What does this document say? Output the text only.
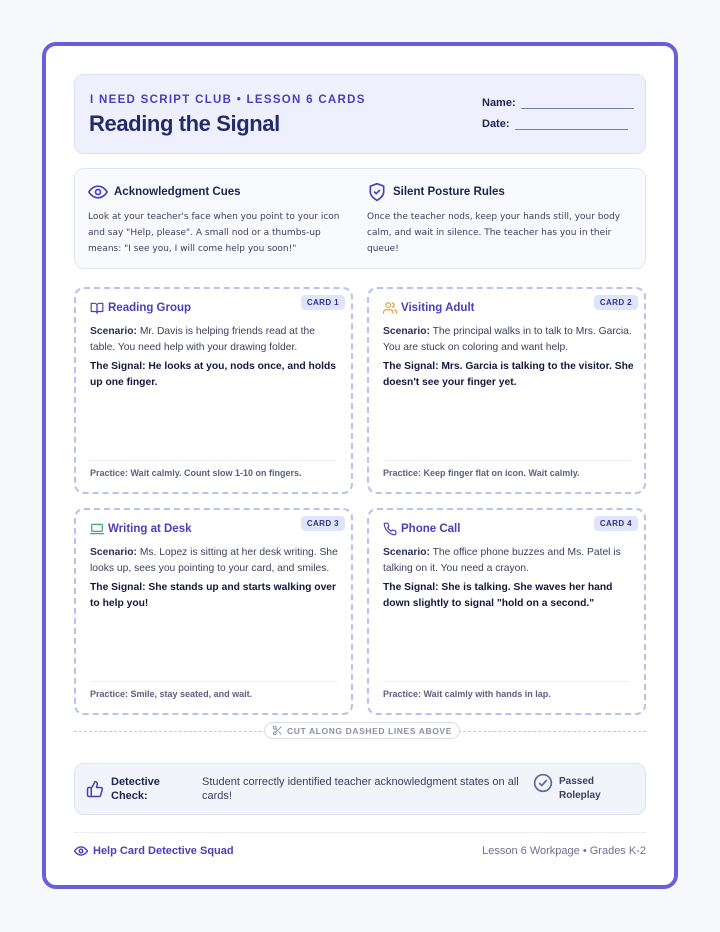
I NEED SCRIPT CLUB • LESSON 6 CARDS
Reading the Signal
Name:
Date:
Acknowledgment Cues
Look at your teacher's face when you point to your icon and say "Help, please". A small nod or a thumbs-up means: "I see you, I will come help you soon!"
Silent Posture Rules
Once the teacher nods, keep your hands still, your body calm, and wait in silence. The teacher has you in their queue!
CARD 1
Reading Group
Scenario: Mr. Davis is helping friends read at the table. You need help with your drawing folder.
The Signal: He looks at you, nods once, and holds up one finger.
Practice: Wait calmly. Count slow 1-10 on fingers.
CARD 2
Visiting Adult
Scenario: The principal walks in to talk to Mrs. Garcia. You are stuck on coloring and want help.
The Signal: Mrs. Garcia is talking to the visitor. She doesn't see your finger yet.
Practice: Keep finger flat on icon. Wait calmly.
CARD 3
Writing at Desk
Scenario: Ms. Lopez is sitting at her desk writing. She looks up, sees you pointing to your card, and smiles.
The Signal: She stands up and starts walking over to help you!
Practice: Smile, stay seated, and wait.
CARD 4
Phone Call
Scenario: The office phone buzzes and Ms. Patel is talking on it. You need a crayon.
The Signal: She is talking. She waves her hand down slightly to signal "hold on a second."
Practice: Wait calmly with hands in lap.
CUT ALONG DASHED LINES ABOVE
Detective Check:
Student correctly identified teacher acknowledgment states on all cards!
Passed Roleplay
Help Card Detective Squad	Lesson 6 Workpage • Grades K-2
